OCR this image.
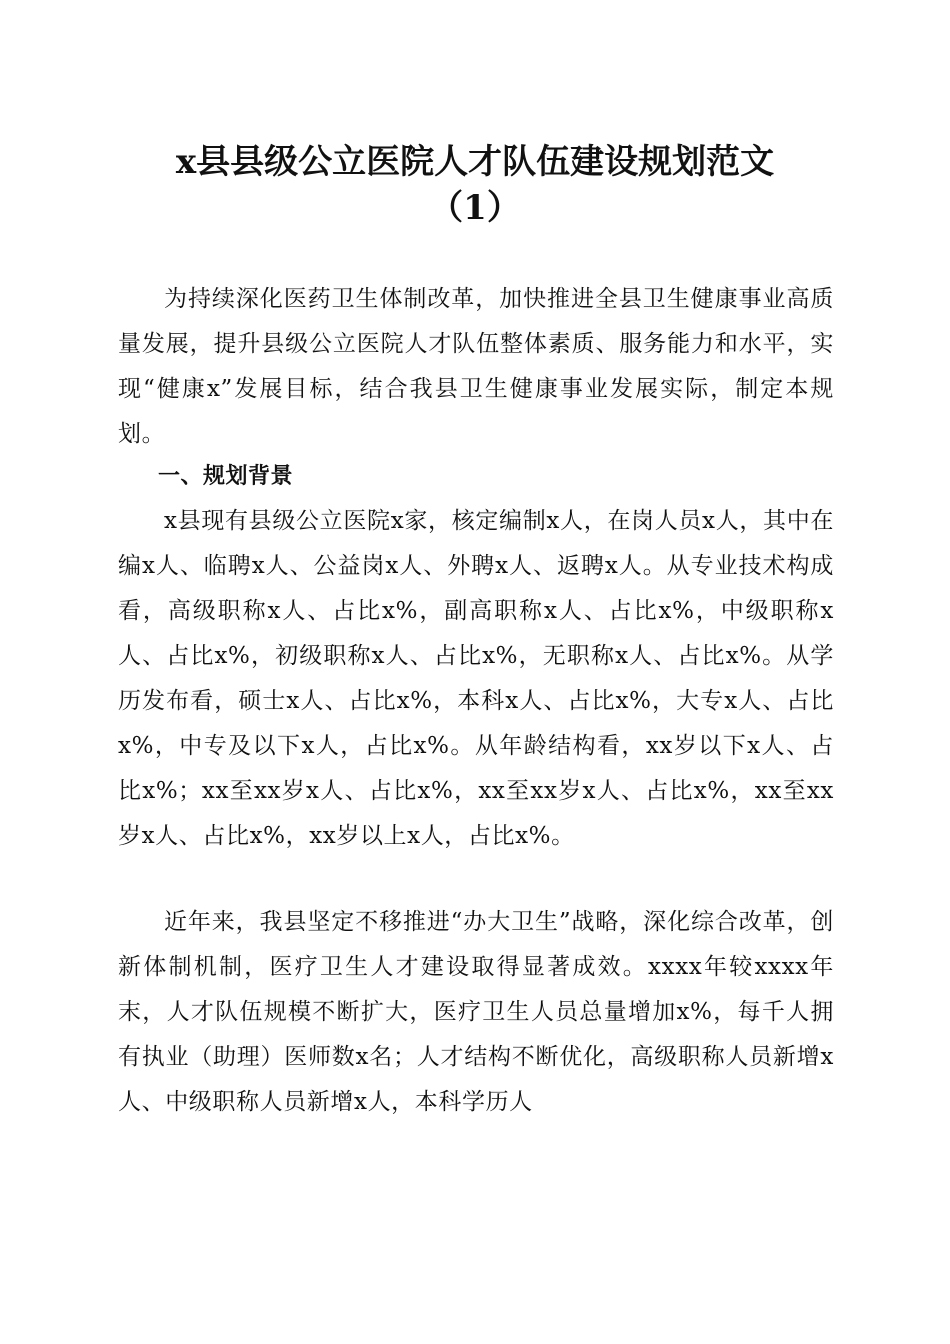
x县县级公立医院人才队伍建设规划范文
（1）

为持续深化医药卫生体制改革，加快推进全县卫生健康事业高质量发展，提升县级公立医院人才队伍整体素质、服务能力和水平，实现“健康x”发展目标，结合我县卫生健康事业发展实际，制定本规划。

一、规划背景

x县现有县级公立医院x家，核定编制x人，在岗人员x人，其中在编x人、临聘x人、公益岗x人、外聘x人、返聘x人。从专业技术构成看，高级职称x人、占比x%，副高职称x人、占比x%，中级职称x人、占比x%，初级职称x人、占比x%，无职称x人、占比x%。从学历发布看，硕士x人、占比x%，本科x人、占比x%，大专x人、占比x%，中专及以下x人，占比x%。从年龄结构看，xx岁以下x人、占比x%；xx至xx岁x人、占比x%，xx至xx岁x人、占比x%，xx至xx岁x人、占比x%，xx岁以上x人，占比x%。

近年来，我县坚定不移推进“办大卫生”战略，深化综合改革，创新体制机制，医疗卫生人才建设取得显著成效。xxxx年较xxxx年末，人才队伍规模不断扩大，医疗卫生人员总量增加x%，每千人拥有执业（助理）医师数x名；人才结构不断优化，高级职称人员新增x人、中级职称人员新增x人，本科学历人
